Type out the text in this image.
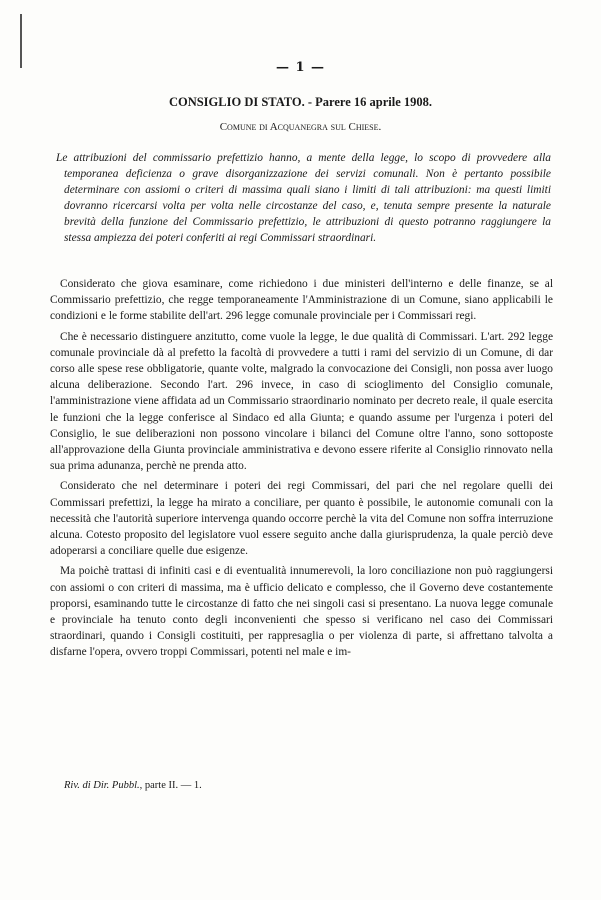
— 1 —
CONSIGLIO DI STATO. - Parere 16 aprile 1908.
Comune di Acquanegra sul Chiese.
Le attribuzioni del commissario prefettizio hanno, a mente della legge, lo scopo di provvedere alla temporanea deficienza o grave disorganizzazione dei servizi comunali. Non è pertanto possibile determinare con assiomi o criteri di massima quali siano i limiti di tali attribuzioni: ma questi limiti dovranno ricercarsi volta per volta nelle circostanze del caso, e, tenuta sempre presente la naturale brevità della funzione del Commissario prefettizio, le attribuzioni di questo potranno raggiungere la stessa ampiezza dei poteri conferiti ai regi Commissari straordinari.

Considerato che giova esaminare, come richiedono i due ministeri dell'interno e delle finanze, se al Commissario prefettizio, che regge temporaneamente l'Amministrazione di un Comune, siano applicabili le condizioni e le forme stabilite dell'art. 296 legge comunale provinciale per i Commissari regi.

Che è necessario distinguere anzitutto, come vuole la legge, le due qualità di Commissari. L'art. 292 legge comunale provinciale dà al prefetto la facoltà di provvedere a tutti i rami del servizio di un Comune, di dar corso alle spese rese obbligatorie, quante volte, malgrado la convocazione dei Consigli, non possa aver luogo alcuna deliberazione. Secondo l'art. 296 invece, in caso di scioglimento del Consiglio comunale, l'amministrazione viene affidata ad un Commissario straordinario nominato per decreto reale, il quale esercita le funzioni che la legge conferisce al Sindaco ed alla Giunta; e quando assume per l'urgenza i poteri del Consiglio, le sue deliberazioni non possono vincolare i bilanci del Comune oltre l'anno, sono sottoposte all'approvazione della Giunta provinciale amministrativa e devono essere riferite al Consiglio rinnovato nella sua prima adunanza, perchè ne prenda atto.

Considerato che nel determinare i poteri dei regi Commissari, del pari che nel regolare quelli dei Commissari prefettizi, la legge ha mirato a conciliare, per quanto è possibile, le autonomie comunali con la necessità che l'autorità superiore intervenga quando occorre perchè la vita del Comune non soffra interruzione alcuna. Cotesto proposito del legislatore vuol essere seguito anche dalla giurisprudenza, la quale perciò deve adoperarsi a conciliare quelle due esigenze.

Ma poichè trattasi di infiniti casi e di eventualità innumerevoli, la loro conciliazione non può raggiungersi con assiomi o con criteri di massima, ma è ufficio delicato e complesso, che il Governo deve costantemente proporsi, esaminando tutte le circostanze di fatto che nei singoli casi si presentano. La nuova legge comunale e provinciale ha tenuto conto degli inconvenienti che spesso si verificano nel caso dei Commissari straordinari, quando i Consigli costituiti, per rappresaglia o per violenza di parte, si affrettano talvolta a disfarne l'opera, ovvero troppi Commissari, potenti nel male e im-

Riv. di Dir. Pubbl., parte II. — 1.
